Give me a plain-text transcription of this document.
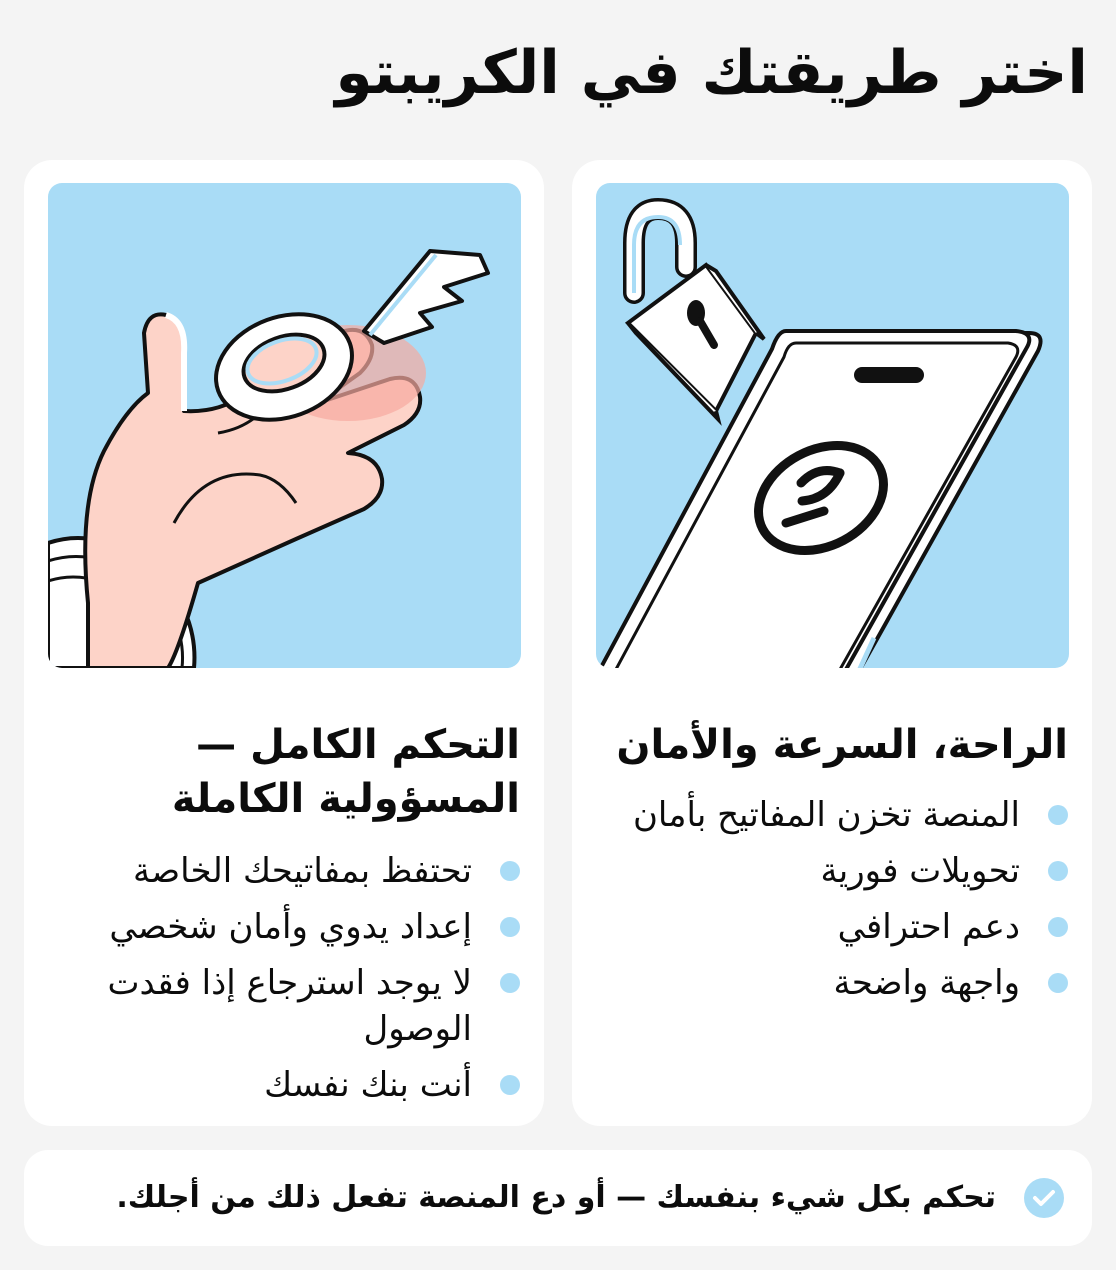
اختر طريقتك في الكريبتو
الراحة، السرعة والأمان
المنصة تخزن المفاتيح بأمان
تحويلات فورية
دعم احترافي
واجهة واضحة
التحكم الكامل — المسؤولية الكاملة
تحتفظ بمفاتيحك الخاصة
إعداد يدوي وأمان شخصي
لا يوجد استرجاع إذا فقدت الوصول
أنت بنك نفسك
تحكم بكل شيء بنفسك — أو دع المنصة تفعل ذلك من أجلك.
